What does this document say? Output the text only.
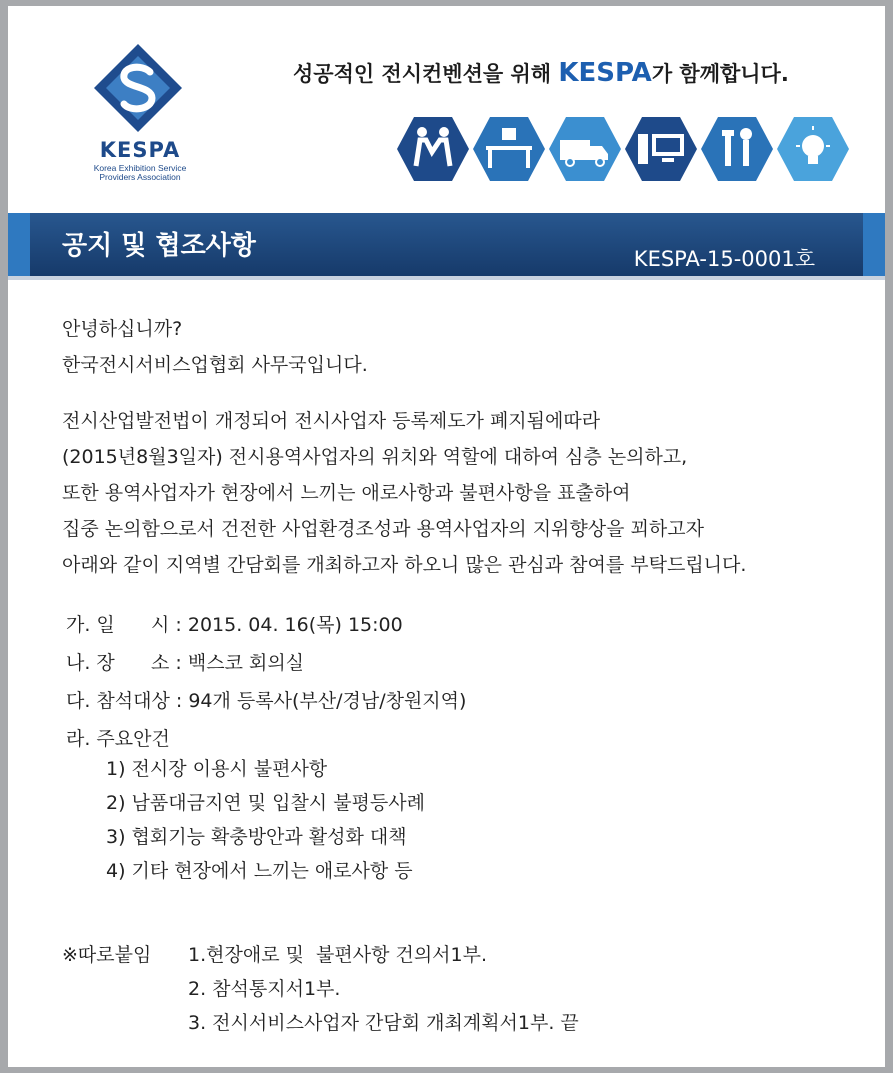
KESPA
Korea Exhibition Service
Providers Association
성공적인 전시컨벤션을 위해 KESPA가 함께합니다.
공지 및 협조사항	KESPA-15-0001호
안녕하십니까?
한국전시서비스업협회 사무국입니다.
전시산업발전법이 개정되어 전시사업자 등록제도가 폐지됨에따라
(2015년8월3일자) 전시용역사업자의 위치와 역할에 대하여 심층 논의하고,
또한 용역사업자가 현장에서 느끼는 애로사항과 불편사항을 표출하여
집중 논의함으로서 건전한 사업환경조성과 용역사업자의 지위향상을 꾀하고자
아래와 같이 지역별 간담회를 개최하고자 하오니 많은 관심과 참여를 부탁드립니다.
가. 일      시 : 2015. 04. 16(목) 15:00
나. 장      소 : 백스코 회의실
다. 참석대상 : 94개 등록사(부산/경남/창원지역)
라. 주요안건
1) 전시장 이용시 불편사항
2) 남품대금지연 및 입찰시 불평등사례
3) 협회기능 확충방안과 활성화 대책
4) 기타 현장에서 느끼는 애로사항 등
※따로붙임 1.현장애로 및  불편사항 건의서1부.
2. 참석통지서1부.
3. 전시서비스사업자 간담회 개최계획서1부. 끝
